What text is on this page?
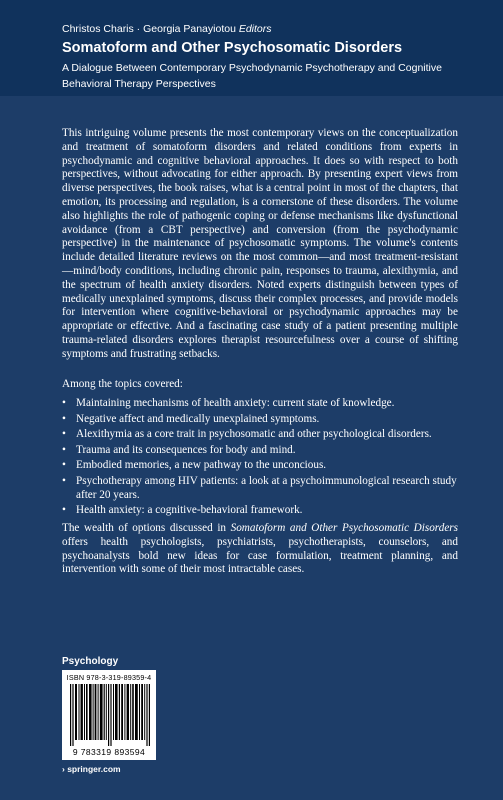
Christos Charis · Georgia Panayiotou Editors
Somatoform and Other Psychosomatic Disorders
A Dialogue Between Contemporary Psychodynamic Psychotherapy and Cognitive Behavioral Therapy Perspectives
This intriguing volume presents the most contemporary views on the conceptualization and treatment of somatoform disorders and related conditions from experts in psychodynamic and cognitive behavioral approaches. It does so with respect to both perspectives, without advocating for either approach. By presenting expert views from diverse perspectives, the book raises, what is a central point in most of the chapters, that emotion, its processing and regulation, is a cornerstone of these disorders. The volume also highlights the role of pathogenic coping or defense mechanisms like dysfunctional avoidance (from a CBT perspective) and conversion (from the psychodynamic perspective) in the maintenance of psychosomatic symptoms. The volume's contents include detailed literature reviews on the most common—and most treatment-resistant—mind/body conditions, including chronic pain, responses to trauma, alexithymia, and the spectrum of health anxiety disorders. Noted experts distinguish between types of medically unexplained symptoms, discuss their complex processes, and provide models for intervention where cognitive-behavioral or psychodynamic approaches may be appropriate or effective. And a fascinating case study of a patient presenting multiple trauma-related disorders explores therapist resourcefulness over a course of shifting symptoms and frustrating setbacks.
Among the topics covered:
• Maintaining mechanisms of health anxiety: current state of knowledge.
• Negative affect and medically unexplained symptoms.
• Alexithymia as a core trait in psychosomatic and other psychological disorders.
• Trauma and its consequences for body and mind.
• Embodied memories, a new pathway to the unconcious.
• Psychotherapy among HIV patients: a look at a psychoimmunological research study after 20 years.
• Health anxiety: a cognitive-behavioral framework.
The wealth of options discussed in Somatoform and Other Psychosomatic Disorders offers health psychologists, psychiatrists, psychotherapists, counselors, and psychoanalysts bold new ideas for case formulation, treatment planning, and intervention with some of their most intractable cases.
Psychology
ISBN 978-3-319-89359-4
9 783319 893594
› springer.com
